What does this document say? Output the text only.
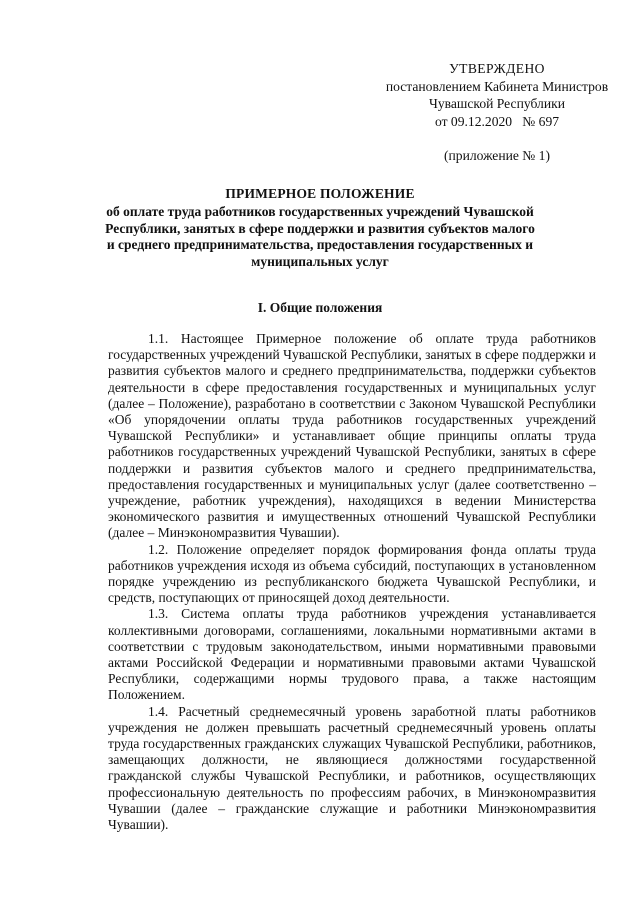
УТВЕРЖДЕНО
постановлением Кабинета Министров
Чувашской Республики
от 09.12.2020   № 697
(приложение № 1)
ПРИМЕРНОЕ ПОЛОЖЕНИЕ
об оплате труда работников государственных учреждений Чувашской Республики, занятых в сфере поддержки и развития субъектов малого и среднего предпринимательства, предоставления государственных и муниципальных услуг
I. Общие положения

1.1. Настоящее Примерное положение об оплате труда работников государственных учреждений Чувашской Республики, занятых в сфере поддержки и развития субъектов малого и среднего предпринимательства, поддержки субъектов деятельности в сфере предоставления государственных и муниципальных услуг (далее – Положение), разработано в соответствии с Законом Чувашской Республики «Об упорядочении оплаты труда работников государственных учреждений Чувашской Республики» и устанавливает общие принципы оплаты труда работников государственных учреждений Чувашской Республики, занятых в сфере поддержки и развития субъектов малого и среднего предпринимательства, предоставления государственных и муниципальных услуг (далее соответственно – учреждение, работник учреждения), находящихся в ведении Министерства экономического развития и имущественных отношений Чувашской Республики (далее – Минэкономразвития Чувашии).

1.2. Положение определяет порядок формирования фонда оплаты труда работников учреждения исходя из объема субсидий, поступающих в установленном порядке учреждению из республиканского бюджета Чувашской Республики, и средств, поступающих от приносящей доход деятельности.

1.3. Система оплаты труда работников учреждения устанавливается коллективными договорами, соглашениями, локальными нормативными актами в соответствии с трудовым законодательством, иными нормативными правовыми актами Российской Федерации и нормативными правовыми актами Чувашской Республики, содержащими нормы трудового права, а также настоящим Положением.

1.4. Расчетный среднемесячный уровень заработной платы работников учреждения не должен превышать расчетный среднемесячный уровень оплаты труда государственных гражданских служащих Чувашской Республики, работников, замещающих должности, не являющиеся должностями государственной гражданской службы Чувашской Республики, и работников, осуществляющих профессиональную деятельность по профессиям рабочих, в Минэкономразвития Чувашии (далее – гражданские служащие и работники Минэкономразвития Чувашии).
